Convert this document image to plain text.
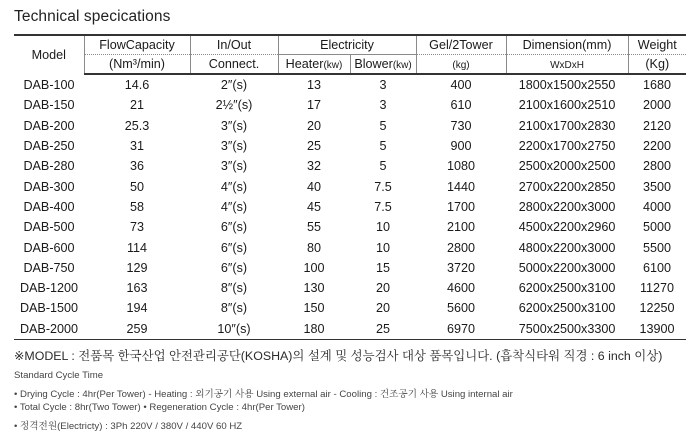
Technical specications
Model	FlowCapacity	In/Out	Electricity		Gel/2Tower	Dimension(mm)	Weight
	(Nm³/min)	Connect.	Heater(kw)	Blower(kw)	(kg)	WxDxH	(Kg)
DAB-100	14.6	2″(s)	13	3	400	1800x1500x2550	1680
DAB-150	21	2½″(s)	17	3	610	2100x1600x2510	2000
DAB-200	25.3	3″(s)	20	5	730	2100x1700x2830	2120
DAB-250	31	3″(s)	25	5	900	2200x1700x2750	2200
DAB-280	36	3″(s)	32	5	1080	2500x2000x2500	2800
DAB-300	50	4″(s)	40	7.5	1440	2700x2200x2850	3500
DAB-400	58	4″(s)	45	7.5	1700	2800x2200x3000	4000
DAB-500	73	6″(s)	55	10	2100	4500x2200x2960	5000
DAB-600	114	6″(s)	80	10	2800	4800x2200x3000	5500
DAB-750	129	6″(s)	100	15	3720	5000x2200x3000	6100
DAB-1200	163	8″(s)	130	20	4600	6200x2500x3100	11270
DAB-1500	194	8″(s)	150	20	5600	6200x2500x3100	12250
DAB-2000	259	10″(s)	180	25	6970	7500x2500x3300	13900
※MODEL : 전품목 한국산업 안전관리공단(KOSHA)의 설계 및 성능검사 대상 품목입니다. (흡착식타워 직경 : 6 inch 이상)
Standard Cycle Time
• Drying Cycle : 4hr(Per Tower) - Heating : 외기공기 사용 Using external air - Cooling : 건조공기 사용 Using internal air
• Total Cycle : 8hr(Two Tower) • Regeneration Cycle : 4hr(Per Tower)
• 정격전원(Electricty) : 3Ph 220V / 380V / 440V 60 HZ
